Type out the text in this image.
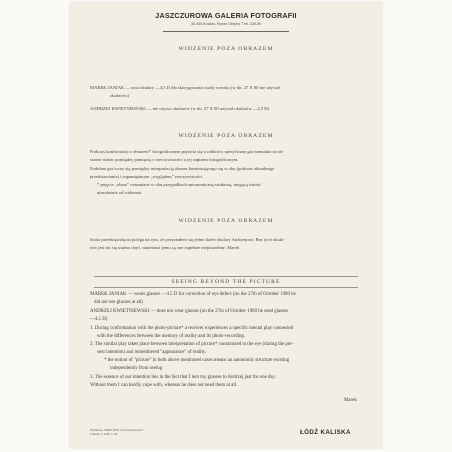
JASZCZUROWA GALERIA FOTOGRAFII
30-055 Kraków, Rynek Główny 7 tel. 226-89
WIDZENIE POZA OBRAZEM
MAREK JANIAK — nosi okulary —4,5 D dla skorygowania wady wzroku (w dn. 27 X 80 nie używał
okularów)
ANDRZEJ KWIETNIEWSKI — nie używa okularów (w dn. 27 X 80 używał okularów —4,5 D)
WIDZENIE POZA OBRAZEM
Podczas konfrontacji z obrazem* fotograficznym pojawia się u odbiorcy specyficzna gra mentalna na ob-
szarze różnic pomiędzy pamięcią o rzeczywistości a jej zapisem fotograficznym.
Podobna gra toczy się pomiędzy interpretacją obrazu konstruującego się w oku (podczas aktualnego
przedstawiania) i zapamiętanym „wyglądem” rzeczywistości.
* pojęcie „obraz” rozumiane w obu przypadkach autonomiczną strukturą, mogącą istnieć
niezależnie od widzenia
WIDZENIE POZA OBRAZEM
Istota przedsięwzięcia polega na tym, że przyznałem się jedno dzień okulary Andrzejowi. Bez tych okula-
rów jest mi się trudno obyć, natomiast jemu są one zupełnie niepotrzebne. Marek
SEEING BEYOND THE PICTURE
MAREK JANIAK — wears glasses —4.5 D for correction of eye defect (on the 27th of October 1980 he
did not use glasses at all)
ANDRZEJ KWIETNIEWSKI — does not wear glasses (on the 27th of October 1980 he used glasses
—4.5 D)
1. During confrontation with the photo-picture* a receiver experiences a specific mental play connected
with the differences between the memory of reality and its photo-recording.
2. The similar play takes place between interpretation of picture* constructed in the eye (during the pre-
sent intention) and remembered "appearance" of reality.
* the notion of "picture" in both above mentioned cases means an autonomic structure existing
independently from seeing
3. The essence of our intention lies in the fact that I lent my glasses to Andrzej just for one day.
Without them I can hardly cope with, whereas he does not need them at all.
Marek
Wydawca: ZSMP BCK "Pod Jaszczurami"
Kraków 1. 1200 n. 80	ŁÓDŹ KALISKA
